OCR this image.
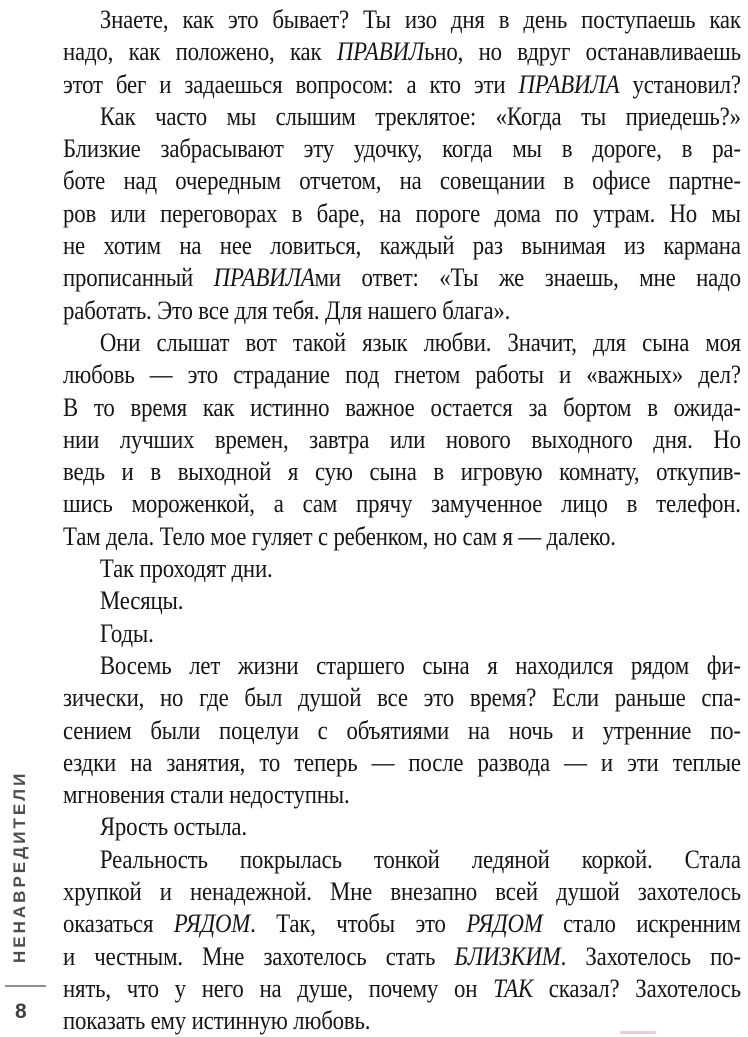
Знаете, как это бывает? Ты изо дня в день поступаешь как
надо, как положено, как ПРАВИЛьно, но вдруг останавливаешь
этот бег и задаешься вопросом: а кто эти ПРАВИЛА установил?
Как часто мы слышим треклятое: «Когда ты приедешь?»
Близкие забрасывают эту удочку, когда мы в дороге, в ра-
боте над очередным отчетом, на совещании в офисе партне-
ров или переговорах в баре, на пороге дома по утрам. Но мы
не хотим на нее ловиться, каждый раз вынимая из кармана
прописанный ПРАВИЛАми ответ: «Ты же знаешь, мне надо
работать. Это все для тебя. Для нашего блага».
Они слышат вот такой язык любви. Значит, для сына моя
любовь — это страдание под гнетом работы и «важных» дел?
В то время как истинно важное остается за бортом в ожида-
нии лучших времен, завтра или нового выходного дня. Но
ведь и в выходной я сую сына в игровую комнату, откупив-
шись мороженкой, а сам прячу замученное лицо в телефон.
Там дела. Тело мое гуляет с ребенком, но сам я — далеко.
Так проходят дни.
Месяцы.
Годы.
Восемь лет жизни старшего сына я находился рядом фи-
зически, но где был душой все это время? Если раньше спа-
сением были поцелуи с объятиями на ночь и утренние по-
ездки на занятия, то теперь — после развода — и эти теплые
мгновения стали недоступны.
Ярость остыла.
Реальность покрылась тонкой ледяной коркой. Стала
хрупкой и ненадежной. Мне внезапно всей душой захотелось
оказаться РЯДОМ. Так, чтобы это РЯДОМ стало искренним
и честным. Мне захотелось стать БЛИЗКИМ. Захотелось по-
нять, что у него на душе, почему он ТАК сказал? Захотелось
показать ему истинную любовь.
НЕНАВРЕДИТЕЛИ
8
